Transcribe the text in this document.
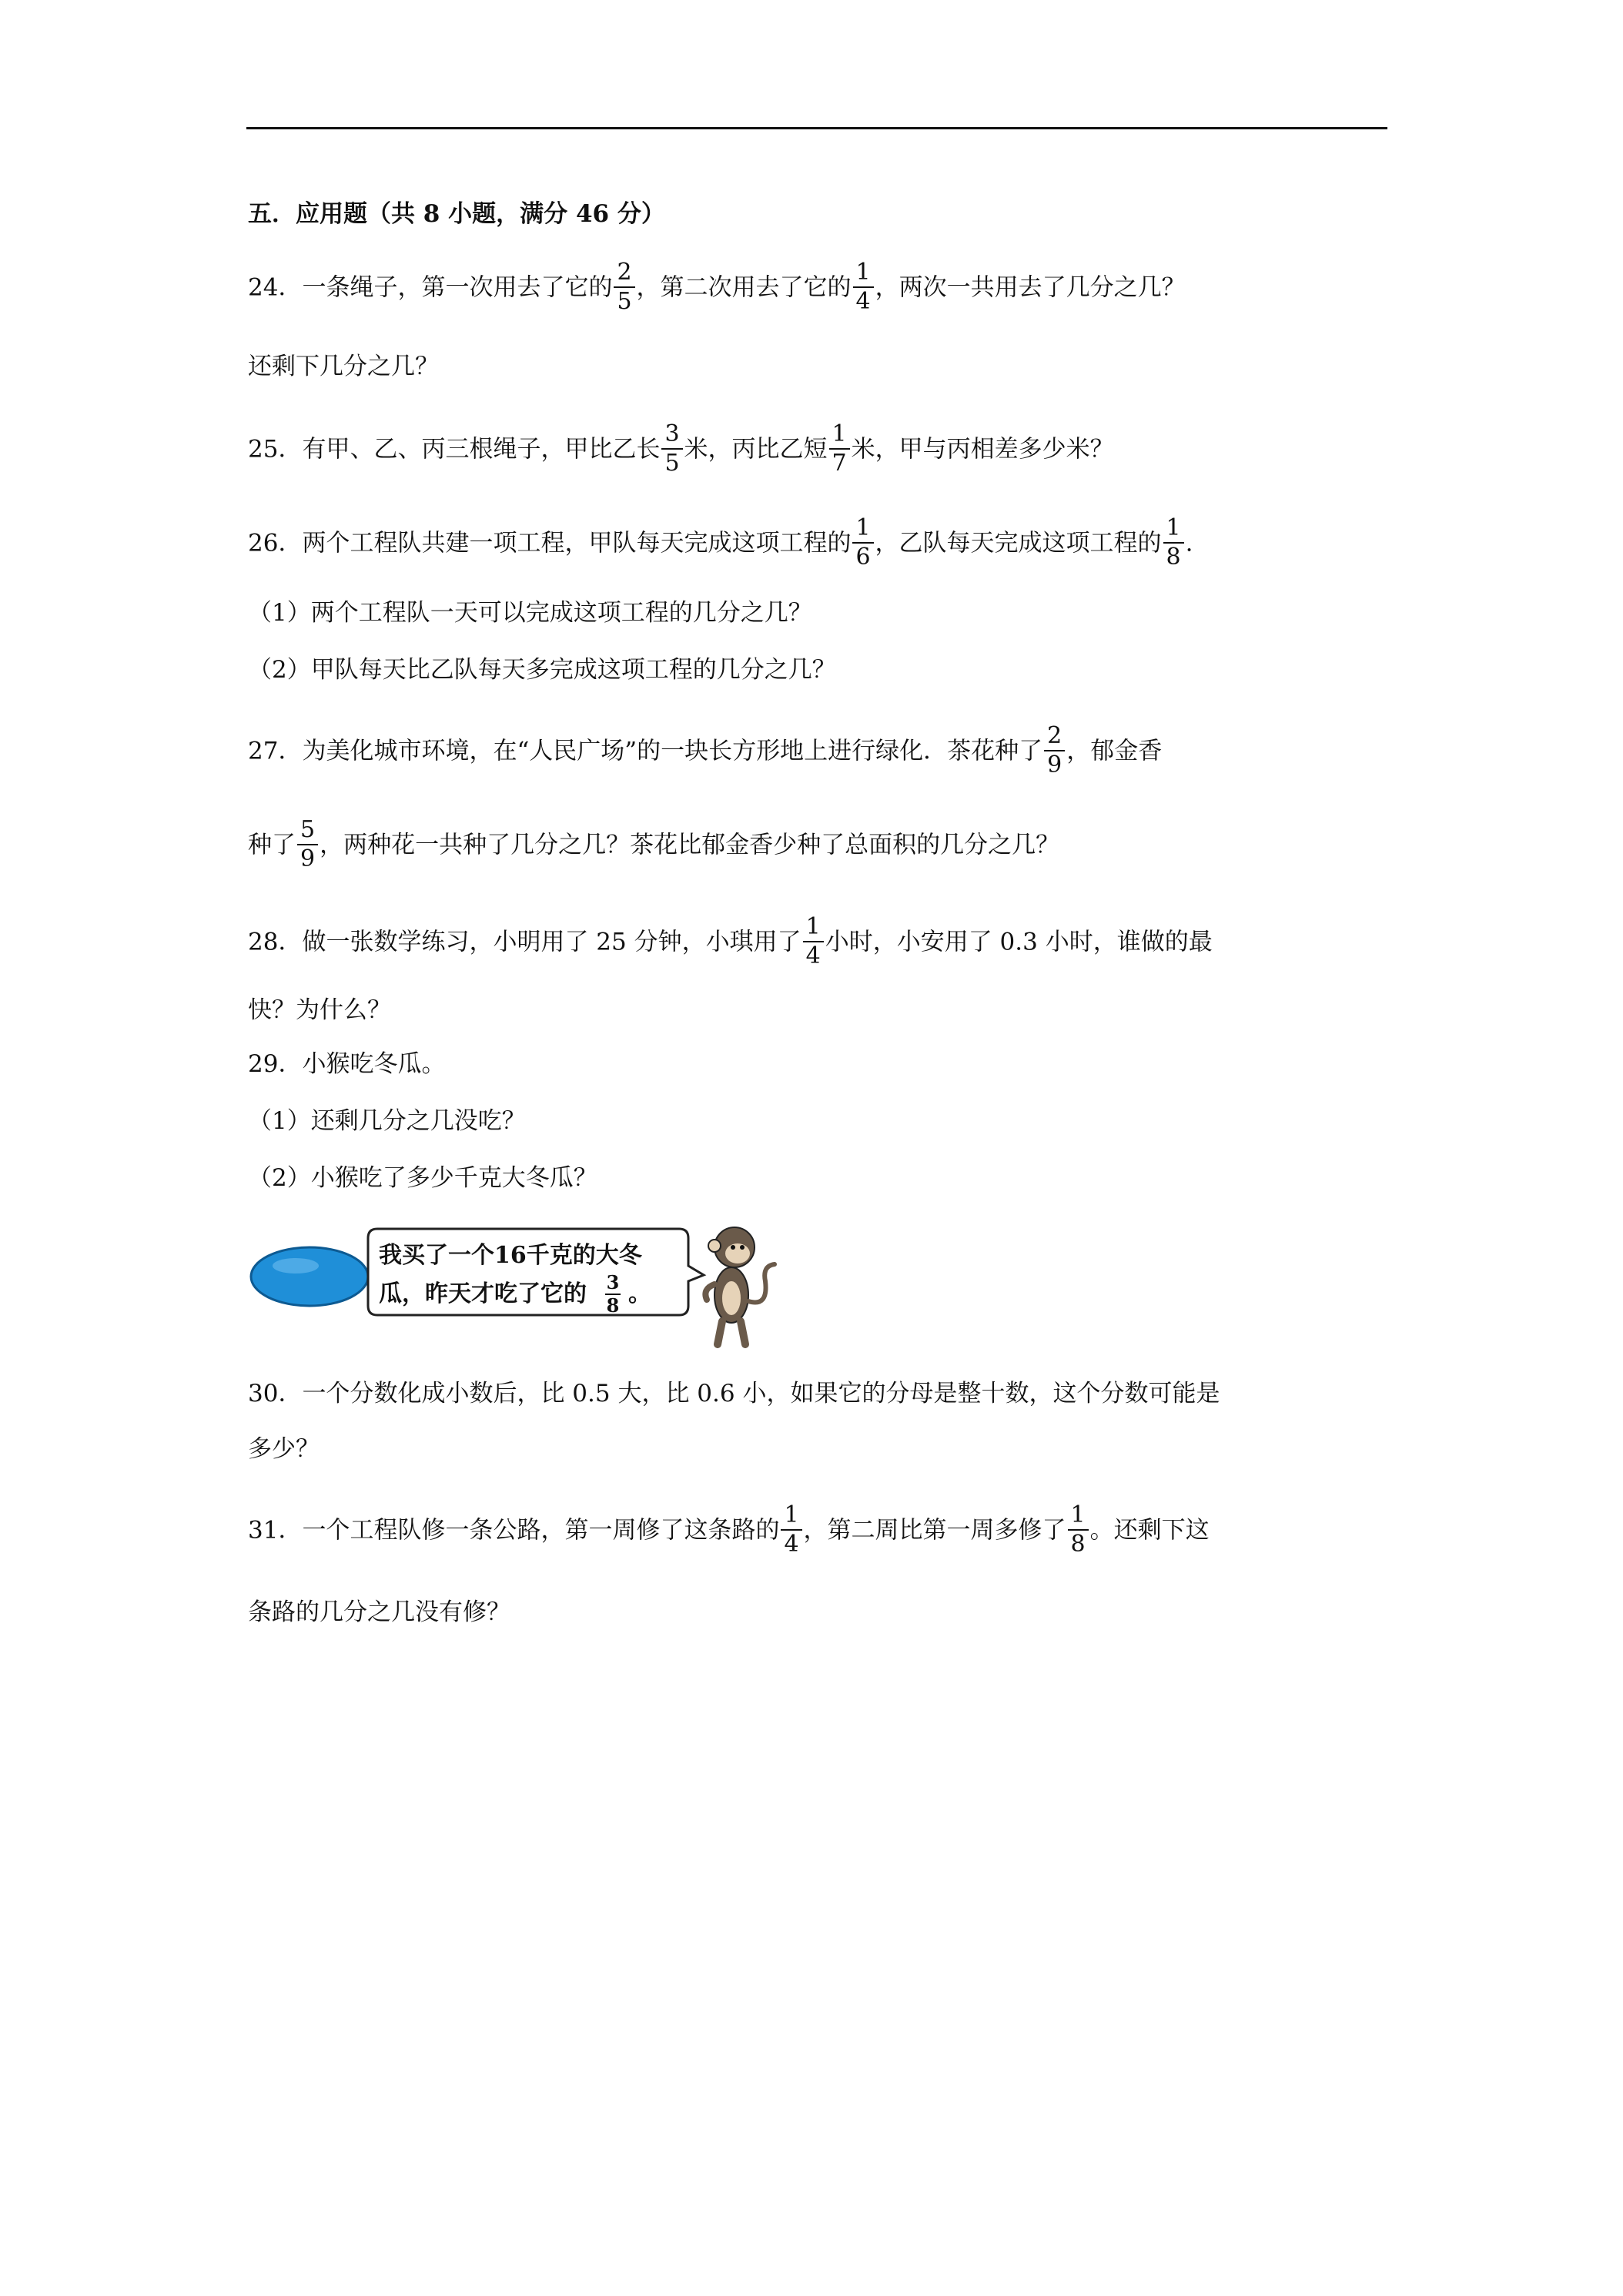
五．应用题（共 8 小题，满分 46 分）
24．一条绳子，第一次用去了它的 $\frac{2}{5}$ ，第二次用去了它的 $\frac{1}{4}$ ，两次一共用去了几分之几？
还剩下几分之几？
25．有甲、乙、丙三根绳子，甲比乙长 $\frac{3}{5}$ 米，丙比乙短 $\frac{1}{7}$ 米，甲与丙相差多少米？
26．两个工程队共建一项工程，甲队每天完成这项工程的 $\frac{1}{6}$ ，乙队每天完成这项工程的 $\frac{1}{8}$ .
（1）两个工程队一天可以完成这项工程的几分之几？
（2）甲队每天比乙队每天多完成这项工程的几分之几？
27．为美化城市环境，在“人民广场”的一块长方形地上进行绿化．茶花种了 $\frac{2}{9}$ ，郁金香
种了 $\frac{5}{9}$ ，两种花一共种了几分之几？茶花比郁金香少种了总面积的几分之几？
28．做一张数学练习，小明用了 25 分钟，小琪用了 $\frac{1}{4}$ 小时，小安用了 0.3 小时，谁做的最
快？为什么？
29．小猴吃冬瓜。
（1）还剩几分之几没吃？
（2）小猴吃了多少千克大冬瓜？
我买了一个16千克的大冬
瓜，昨天才吃了它的 3
8 。
30．一个分数化成小数后，比 0.5 大，比 0.6 小，如果它的分母是整十数，这个分数可能是
多少？
31．一个工程队修一条公路，第一周修了这条路的 $\frac{1}{4}$ ，第二周比第一周多修了 $\frac{1}{8}$ 。还剩下这
条路的几分之几没有修？
